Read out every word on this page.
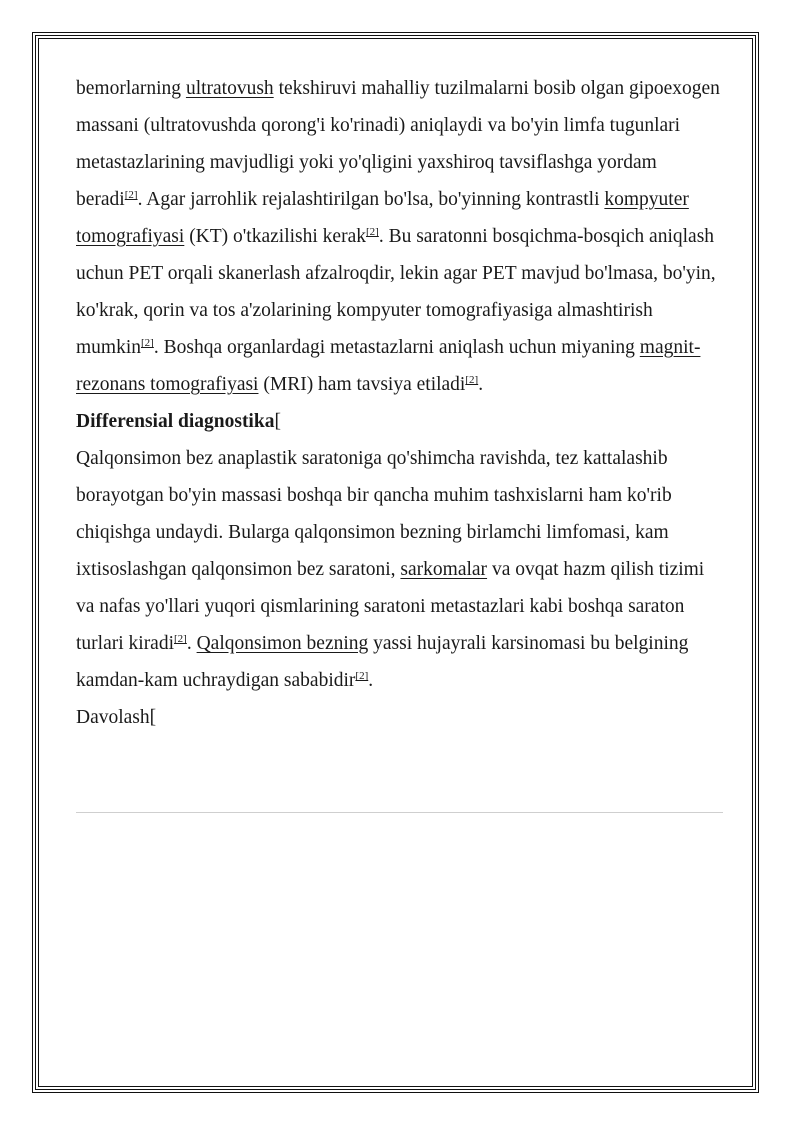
bemorlarning ultratovush tekshiruvi mahalliy tuzilmalarni bosib olgan gipoexogen massani (ultratovushda qorong'i ko'rinadi) aniqlaydi va bo'yin limfa tugunlari metastazlarining mavjudligi yoki yo'qligini yaxshiroq tavsiflashga yordam beradi[2]. Agar jarrohlik rejalashtirilgan bo'lsa, bo'yinning kontrastli kompyuter tomografiyasi (KT) o'tkazilishi kerak[2]. Bu saratonni bosqichma-bosqich aniqlash uchun PET orqali skanerlash afzalroqdir, lekin agar PET mavjud bo'lmasa, bo'yin, ko'krak, qorin va tos a'zolarining kompyuter tomografiyasiga almashtirish mumkin[2]. Boshqa organlardagi metastazlarni aniqlash uchun miyaning magnit-rezonans tomografiyasi (MRI) ham tavsiya etiladi[2].

Differensial diagnostika[

Qalqonsimon bez anaplastik saratoniga qo'shimcha ravishda, tez kattalashib borayotgan bo'yin massasi boshqa bir qancha muhim tashxislarni ham ko'rib chiqishga undaydi. Bularga qalqonsimon bezning birlamchi limfomasi, kam ixtisoslashgan qalqonsimon bez saratoni, sarkomalar va ovqat hazm qilish tizimi va nafas yo'llari yuqori qismlarining saratoni metastazlari kabi boshqa saraton turlari kiradi[2]. Qalqonsimon bezning yassi hujayrali karsinomasi bu belgining kamdan-kam uchraydigan sababidir[2].

Davolash[
